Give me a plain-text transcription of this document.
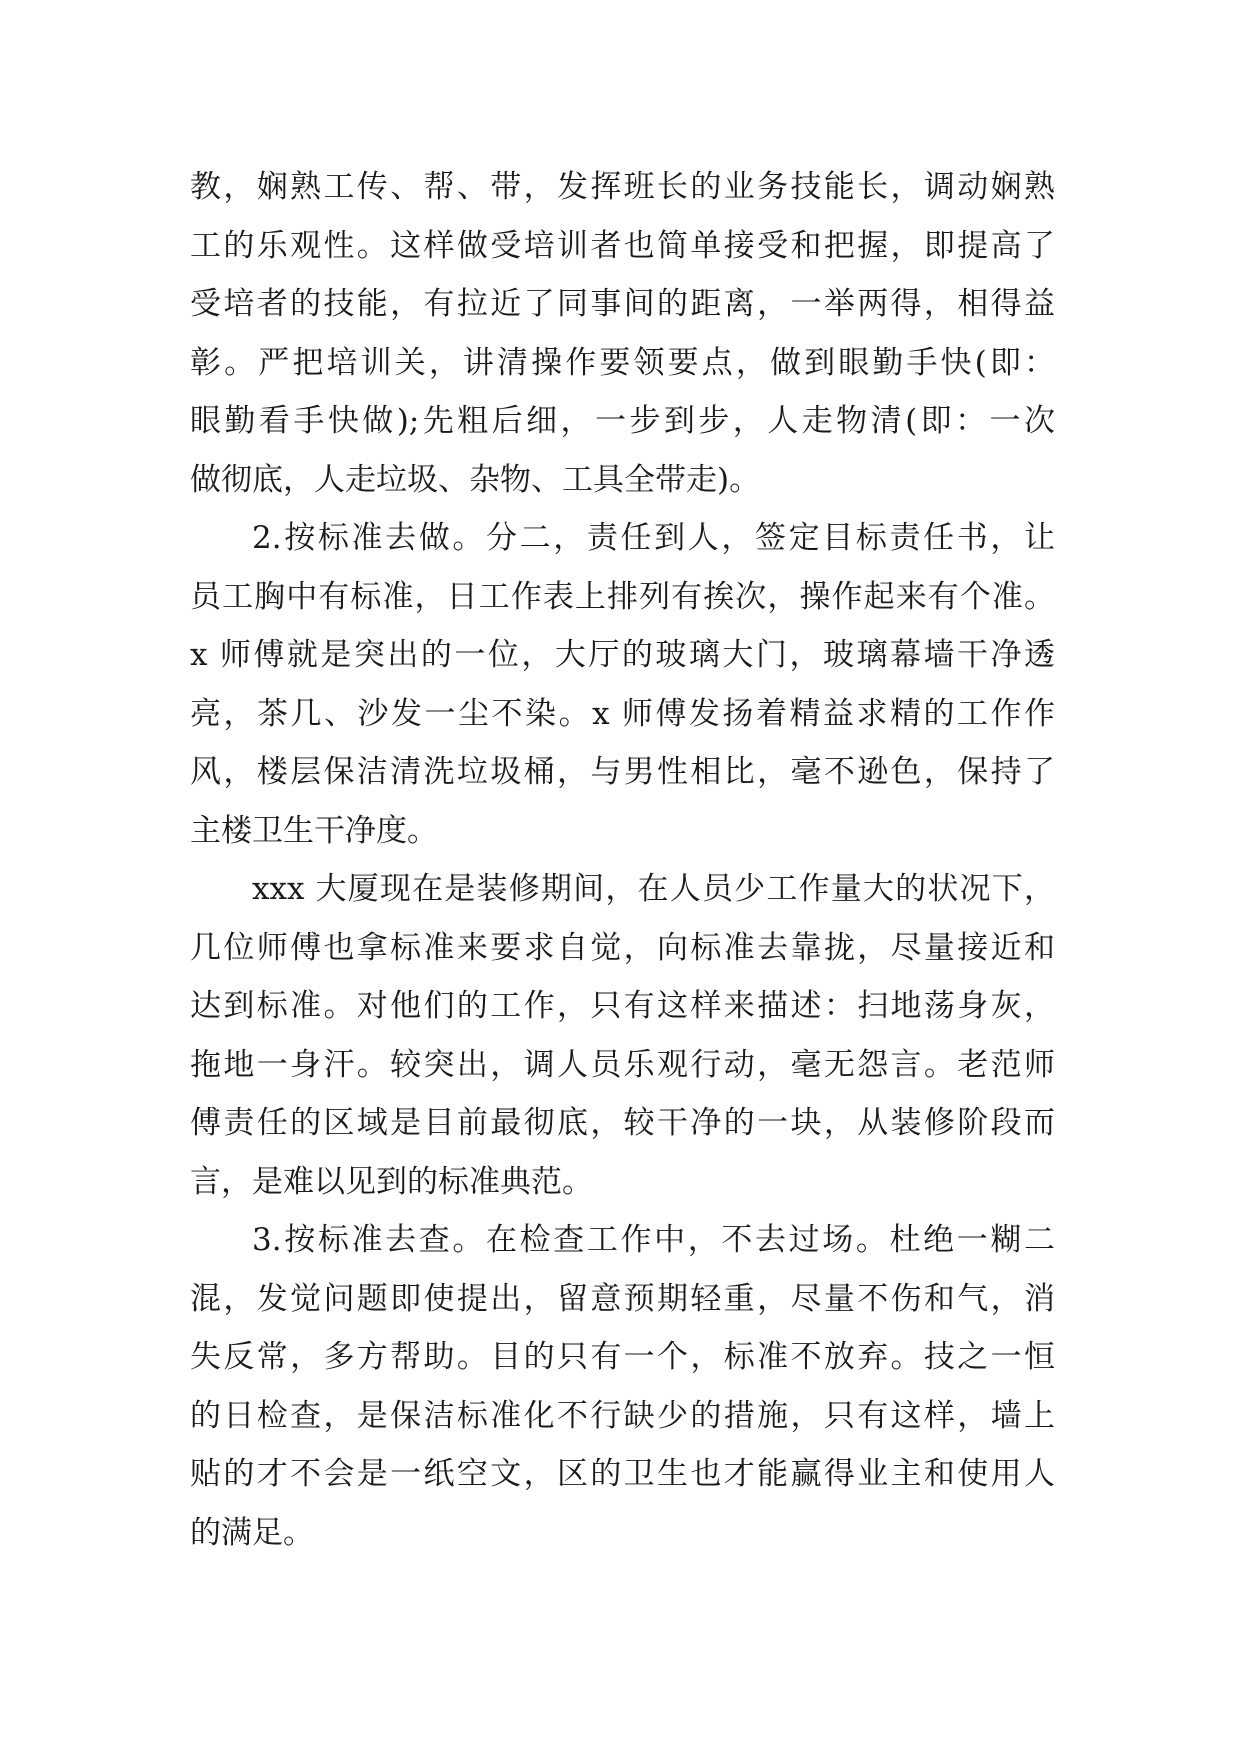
教，娴熟工传、帮、带，发挥班长的业务技能长，调动娴熟
工的乐观性。这样做受培训者也简单接受和把握，即提高了
受培者的技能，有拉近了同事间的距离，一举两得，相得益
彰。严把培训关，讲清操作要领要点，做到眼勤手快(即：
眼勤看手快做);先粗后细，一步到步，人走物清(即：一次
做彻底，人走垃圾、杂物、工具全带走)。
2.按标准去做。分二，责任到人，签定目标责任书，让
员工胸中有标准，日工作表上排列有挨次，操作起来有个准。
x 师傅就是突出的一位，大厅的玻璃大门，玻璃幕墙干净透
亮，茶几、沙发一尘不染。x 师傅发扬着精益求精的工作作
风，楼层保洁清洗垃圾桶，与男性相比，毫不逊色，保持了
主楼卫生干净度。
xxx 大厦现在是装修期间，在人员少工作量大的状况下，
几位师傅也拿标准来要求自觉，向标准去靠拢，尽量接近和
达到标准。对他们的工作，只有这样来描述：扫地荡身灰，
拖地一身汗。较突出，调人员乐观行动，毫无怨言。老范师
傅责任的区域是目前最彻底，较干净的一块，从装修阶段而
言，是难以见到的标准典范。
3.按标准去查。在检查工作中，不去过场。杜绝一糊二
混，发觉问题即使提出，留意预期轻重，尽量不伤和气，消
失反常，多方帮助。目的只有一个，标准不放弃。技之一恒
的日检查，是保洁标准化不行缺少的措施，只有这样，墙上
贴的才不会是一纸空文，区的卫生也才能赢得业主和使用人
的满足。
